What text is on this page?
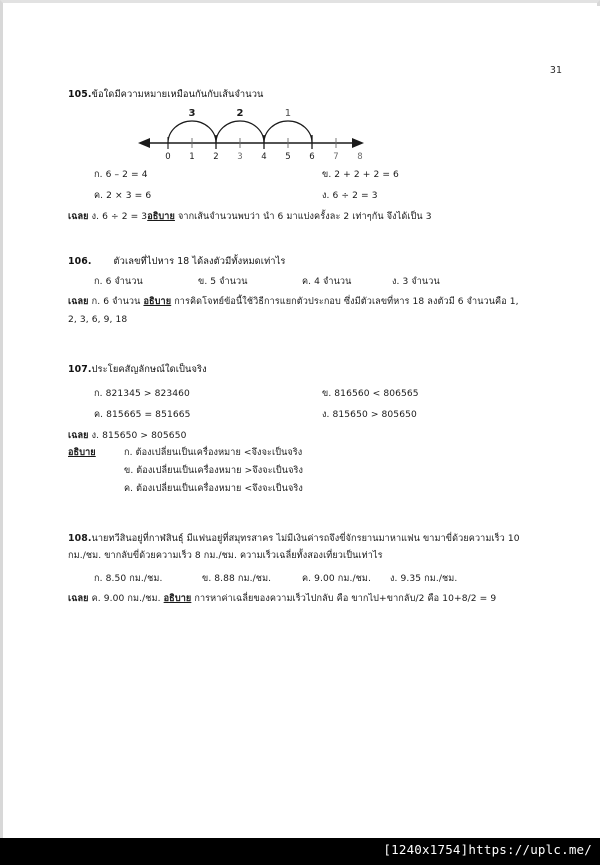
31
105.ข้อใดมีความหมายเหมือนกันกับเส้นจำนวน
3	2	1
0 1 2 3 4 5 6 7 8
ก. 6 – 2 = 4	ข. 2 + 2 + 2 = 6
ค. 2 × 3 = 6	ง. 6 ÷ 2 = 3
เฉลย ง. 6 ÷ 2 = 3อธิบาย จากเส้นจำนวนพบว่า นำ 6 มาแบ่งครั้งละ 2 เท่าๆกัน จึงได้เป็น 3
106. ตัวเลขที่ไปหาร 18 ได้ลงตัวมีทั้งหมดเท่าไร
ก. 6 จำนวน	ข. 5 จำนวน	ค. 4 จำนวน	ง. 3 จำนวน
เฉลย ก. 6 จำนวน อธิบาย การคิดโจทย์ข้อนี้ใช้วิธีการแยกตัวประกอบ ซึ่งมีตัวเลขที่หาร 18 ลงตัวมี 6 จำนวนคือ 1,
2, 3, 6, 9, 18
107.ประโยคสัญลักษณ์ใดเป็นจริง
ก. 821345 > 823460	ข. 816560 < 806565
ค. 815665 = 851665	ง. 815650 > 805650
เฉลย ง. 815650 > 805650
อธิบาย	ก. ต้องเปลี่ยนเป็นเครื่องหมาย <จึงจะเป็นจริง
ข. ต้องเปลี่ยนเป็นเครื่องหมาย >จึงจะเป็นจริง
ค. ต้องเปลี่ยนเป็นเครื่องหมาย <จึงจะเป็นจริง
108.นายทวีสินอยู่ที่กาฬสินธุ์ มีแฟนอยู่ที่สมุทรสาคร ไม่มีเงินค่ารถจึงขี่จักรยานมาหาแฟน ขามาขี่ด้วยความเร็ว 10
กม./ชม. ขากลับขี่ด้วยความเร็ว 8 กม./ชม. ความเร็วเฉลี่ยทั้งสองเที่ยวเป็นเท่าไร
ก. 8.50 กม./ชม.	ข. 8.88 กม./ชม.	ค. 9.00 กม./ชม.	ง. 9.35 กม./ชม.
เฉลย ค. 9.00 กม./ชม. อธิบาย การหาค่าเฉลี่ยของความเร็วไปกลับ คือ ขากไป+ขากลับ/2 คือ 10+8/2 = 9
[1240x1754]https://uplc.me/
